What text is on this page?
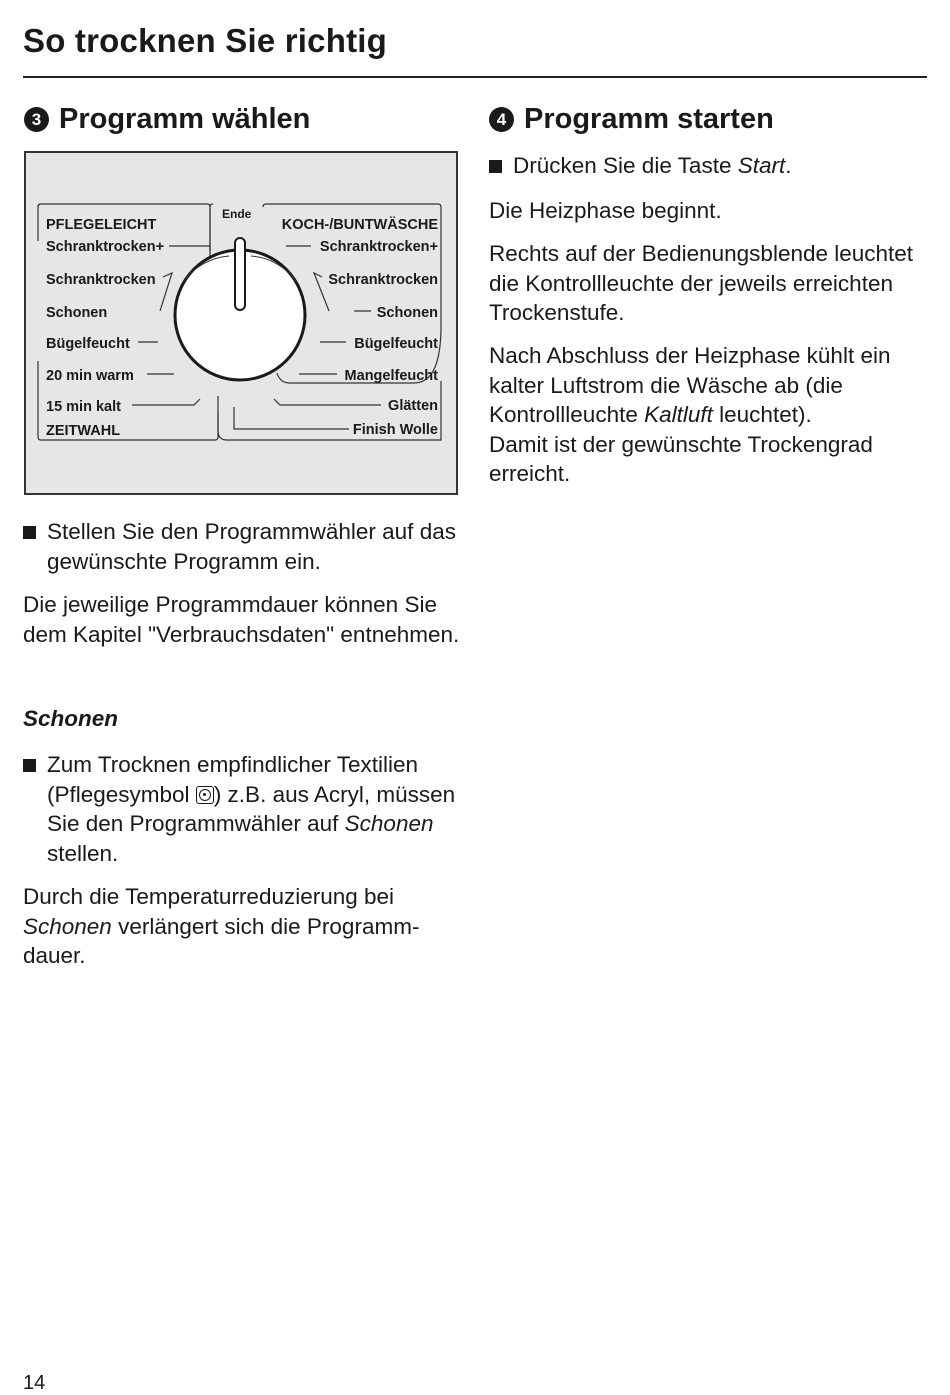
So trocknen Sie richtig
3 Programm wählen
Ende
PFLEGELEICHT
Schranktrocken+
Schranktrocken
Schonen
Bügelfeucht
20 min warm
15 min kalt
ZEITWAHL
KOCH-/BUNTWÄSCHE
Schranktrocken+
Schranktrocken
Schonen
Bügelfeucht
Mangelfeucht
Glätten
Finish Wolle

Stellen Sie den Programmwähler auf das gewünschte Programm ein.

Die jeweilige Programmdauer können Sie dem Kapitel "Verbrauchsdaten" entnehmen.

Schonen

Zum Trocknen empfindlicher Textilien (Pflegesymbol ) z.B. aus Acryl, müssen Sie den Programmwähler auf Schonen stellen.

Durch die Temperaturreduzierung bei Schonen verlängert sich die Programmdauer.

4 Programm starten

Drücken Sie die Taste Start.

Die Heizphase beginnt.

Rechts auf der Bedienungsblende leuchtet die Kontrollleuchte der jeweils erreichten Trockenstufe.

Nach Abschluss der Heizphase kühlt ein kalter Luftstrom die Wäsche ab (die Kontrollleuchte Kaltluft leuchtet).
Damit ist der gewünschte Trockengrad erreicht.

14
